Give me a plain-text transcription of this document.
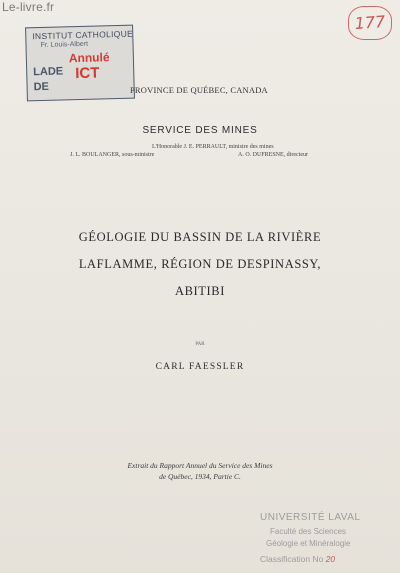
Le-livre.fr
177
INSTITUT CATHOLIQUE
Fr. Louis-Albert
LADE
DE
Annulé
ICT
PROVINCE DE QUÉBEC, CANADA
SERVICE DES MINES
L'Honorable J. E. PERRAULT, ministre des mines
J. L. BOULANGER, sous-ministre	A. O. DUFRESNE, directeur
GÉOLOGIE DU BASSIN DE LA RIVIÈRE
LAFLAMME, RÉGION DE DESPINASSY,
ABITIBI
PAR
CARL FAESSLER
Extrait du Rapport Annuel du Service des Mines
de Québec, 1934, Partie C.
UNIVERSITÉ LAVAL
Faculté des Sciences
Géologie et Minéralogie
Classification No 20
